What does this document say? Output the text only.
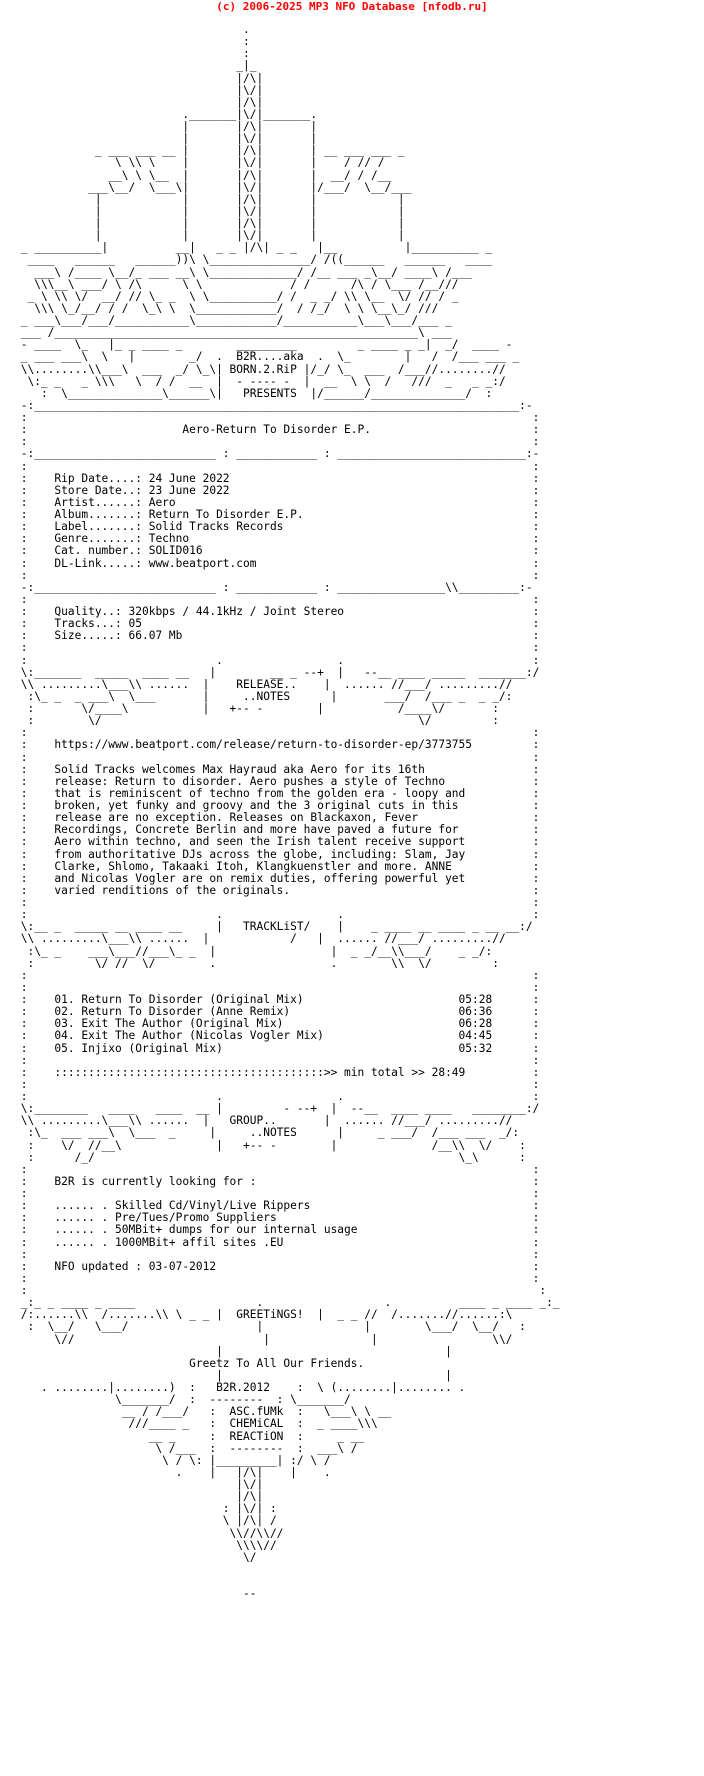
(c) 2006-2025 MP3 NFO Database [nfodb.ru]
.
:
:
_|_
|/\|
|\/|
|/\|
._______|\/|_______.
|       |/\|       |
|       |\/|       |
_ ___ ___ __ |       |/\|       | __ ___ ___ _
\ \\ \    |       |\/|       |    / // /
__\ \ \__  |       |/\|       |  __/ / /__
___\__/  \___\|       |\/|       |/___/  \__/___
|            |       |/\|       |            |
|            |       |\/|       |            |
|            |       |/\|       |            |
|            |       |\/|       |            |
_ __________|          __|   _ _ |/\| _ _   |__          |__________ _
____   ______   ______))\ \_______________/ /((______   ______   ____
___\ /____ \__/_ ___ __\ \_____________/ /__ ___ _\__/ ____\ /___
\\\__\ ___/ \ /\      \ \             / /      /\ / \___ /__///
_ \ \\ \/  __/ // \_ _  \ \__________/ /  _ _/ \\ \__  \/ // / _
\\\ \_/__/ / /  \_\ \  \____________/  / /_/  \ \ \__\_/ ///
_ ___\___/___/___________\____________/___________\___\___/___ _
___ /______________________________________________________\ ___
- ____  \_   |_ _ ____ _        _________         _ ____ _ _|  _/  ____ -
_ ___ ___\  \   |        _/  .  B2R....aka  .  \_        |   /  /___ ___ _
\\........\\___\  ___  _/ \_\| BORN.2.RiP |/_/ \_  ___  /___//........//
\:_ _   _ \\\   \  / /  __  |  - ---- -  |  __  \ \  /   ///  _   _ _:/
:  \______________\______\|   PRESENTS  |/______/______________/  :
-:________________________________________________________________________:-
:                                                                           :
:                       Aero-Return To Disorder E.P.                        :
:                                                                           :
-:___________________________ : ____________ : ____________________________:-
:                                                                           :
:    Rip Date....: 24 June 2022                                             :
:    Store Date..: 23 June 2022                                             :
:    Artist......: Aero                                                     :
:    Album.......: Return To Disorder E.P.                                  :
:    Label.......: Solid Tracks Records                                     :
:    Genre.......: Techno                                                   :
:    Cat. number.: SOLID016                                                 :
:    DL-Link.....: www.beatport.com                                         :
:                                                                           :
-:___________________________ : ____________ : ________________\\_________:-
:                                                                           :
:    Quality..: 320kbps / 44.1kHz / Joint Stereo                            :
:    Tracks...: 05                                                          :
:    Size.....: 66.07 Mb                                                    :
:                                                                           :
:                            .                 .                            :
\:_______  _____  ____ __   |        __ _ --+  |   --__ ____ _____  _______:/
\\ .........\___\\ ......  |    RELEASE..    |  ...... //___/ .........//
:\_ _  _ ___\  \___       |     ..NOTES      |       ___/  /___ _  _ _/:
:       \/____\           |   +-- -        |           /____\/       :
:        \/                                               \/         :
:                                                                           :
:    https://www.beatport.com/release/return-to-disorder-ep/3773755         :
:                                                                           :
:    Solid Tracks welcomes Max Hayraud aka Aero for its 16th                :
:    release: Return to disorder. Aero pushes a style of Techno             :
:    that is reminiscent of techno from the golden era - loopy and          :
:    broken, yet funky and groovy and the 3 original cuts in this           :
:    release are no exception. Releases on Blackaxon, Fever                 :
:    Recordings, Concrete Berlin and more have paved a future for           :
:    Aero within techno, and seen the Irish talent receive support          :
:    from authoritative DJs across the globe, including: Slam, Jay          :
:    Clarke, Shlomo, Takaaki Itoh, Klangkuenstler and more. ANNE            :
:    and Nicolas Vogler are on remix duties, offering powerful yet          :
:    varied renditions of the originals.                                    :
:                                                                           :
:                            .                 .                            :
\:__ _  _____ __ ____ __     |   TRACKLiST/    |    _ ____ __ ____ _ __ __:/
\\ .........\___\\ ......  |            /   |  ...... //___/ .........//
:\_ _    ___\___//___\_ _  |                 |  _ _/__\\___/    _ _/:
:         \/ //  \/        .                 .        \\  \/         :
:                                                                           :
:                                                                           :
:    01. Return To Disorder (Original Mix)                       05:28      :
:    02. Return To Disorder (Anne Remix)                         06:36      :
:    03. Exit The Author (Original Mix)                          06:28      :
:    04. Exit The Author (Nicolas Vogler Mix)                    04:45      :
:    05. Injixo (Original Mix)                                   05:32      :
:                                                                           :
:    ::::::::::::::::::::::::::::::::::::::::>> min total >> 28:49          :
:                                                                           :
:                            .                 .                            :
\:________   ____   ____  __ |         - --+  |  --__  ____ ____   ________:/
\\ .........\___\\ ......  |   GROUP..       |  ...... //___/ .........//
:\_  ___ ___\  \___  _     |     ..NOTES      |     _ ___/  /___ ___  _/:
:    \/  //__\              |   +-- -        |              /__\\  \/    :
:      /_/                                                      \_\      :
:                                                                           :
:    B2R is currently looking for :                                         :
:                                                                           :
:    ...... . Skilled Cd/Vinyl/Live Rippers                                 :
:    ...... . Pre/Tues/Promo Suppliers                                      :
:    ...... . 50MBit+ dumps for our internal usage                          :
:    ...... . 1000MBit+ affil sites .EU                                     :
:                                                                           :
:    NFO updated : 03-07-2012                                               :
:                                                                           :
:                                                                            :
_:_ _ ____ _ ____                  .                  .          ____ _ ____ _:_
/:......\\  /.......\\ \ _ _ |  GREETiNGS!  |  _ _ //  /.......//......:\
:  \__/   \___/                   |               |        \___/  \__/   :
\//                            |               |                 \\/
|                                 |
Greetz To All Our Friends.
|                                 |
. ........|........)  :   B2R.2012    :  \ (........|........ .
\_______/  :  --------  : \_______/
__ / /___/   :  ASC.fUMk  :   \___\ \ __
///____ _   :  CHEMiCAL  :  _ ____\\\
__ _     :  REACTiON  :     _ __
\ /___  :  --------  :  ___\ /
\ / \: |_________| :/ \ /
.    |   |/\|    |    .
|\/|
|/\|
: |\/| :
\ |/\| /
\\//\\//
\\\\//
\/

--
